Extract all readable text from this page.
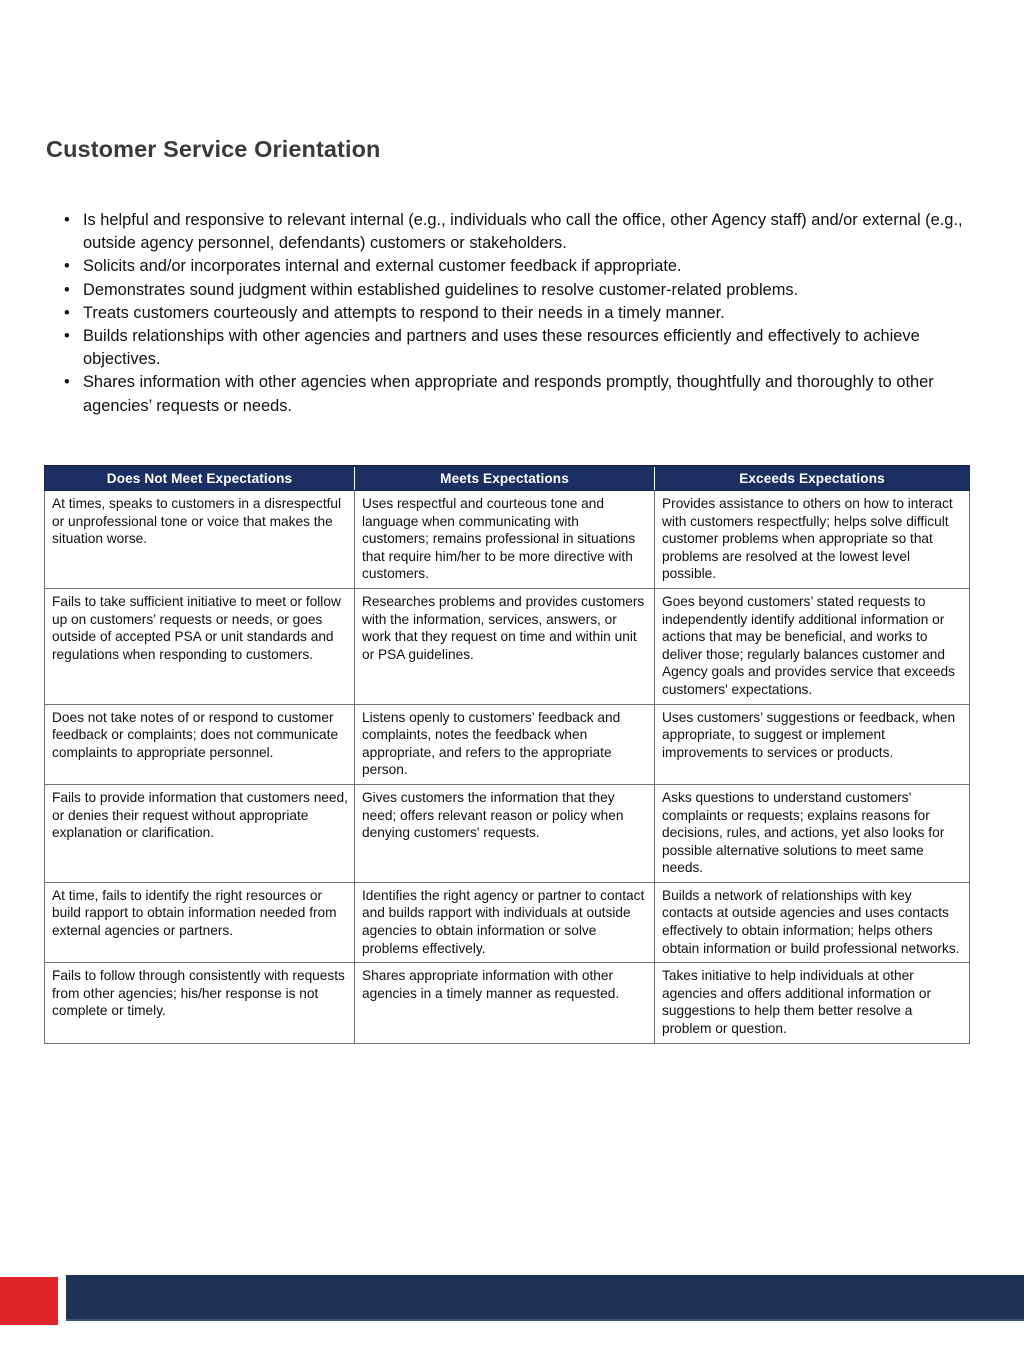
Customer Service Orientation
• Is helpful and responsive to relevant internal (e.g., individuals who call the office, other Agency staff) and/or external (e.g., outside agency personnel, defendants) customers or stakeholders.
• Solicits and/or incorporates internal and external customer feedback if appropriate.
• Demonstrates sound judgment within established guidelines to resolve customer-related problems.
• Treats customers courteously and attempts to respond to their needs in a timely manner.
• Builds relationships with other agencies and partners and uses these resources efficiently and effectively to achieve objectives.
• Shares information with other agencies when appropriate and responds promptly, thoughtfully and thoroughly to other agencies’ requests or needs.
Does Not Meet Expectations	Meets Expectations	Exceeds Expectations
At times, speaks to customers in a disrespectful or unprofessional tone or voice that makes the situation worse.	Uses respectful and courteous tone and language when communicating with customers; remains professional in situations that require him/her to be more directive with customers.	Provides assistance to others on how to interact with customers respectfully; helps solve difficult customer problems when appropriate so that problems are resolved at the lowest level possible.
Fails to take sufficient initiative to meet or follow up on customers’ requests or needs, or goes outside of accepted PSA or unit standards and regulations when responding to customers.	Researches problems and provides customers with the information, services, answers, or work that they request on time and within unit or PSA guidelines.	Goes beyond customers’ stated requests to independently identify additional information or actions that may be beneficial, and works to deliver those; regularly balances customer and Agency goals and provides service that exceeds customers' expectations.
Does not take notes of or respond to customer feedback or complaints; does not communicate complaints to appropriate personnel.	Listens openly to customers’ feedback and complaints, notes the feedback when appropriate, and refers to the appropriate person.	Uses customers’ suggestions or feedback, when appropriate, to suggest or implement improvements to services or products.
Fails to provide information that customers need, or denies their request without appropriate explanation or clarification.	Gives customers the information that they need; offers relevant reason or policy when denying customers' requests.	Asks questions to understand customers’ complaints or requests; explains reasons for decisions, rules, and actions, yet also looks for possible alternative solutions to meet same needs.
At time, fails to identify the right resources or build rapport to obtain information needed from external agencies or partners.	Identifies the right agency or partner to contact and builds rapport with individuals at outside agencies to obtain information or solve problems effectively.	Builds a network of relationships with key contacts at outside agencies and uses contacts effectively to obtain information; helps others obtain information or build professional networks.
Fails to follow through consistently with requests from other agencies; his/her response is not complete or timely.	Shares appropriate information with other agencies in a timely manner as requested.	Takes initiative to help individuals at other agencies and offers additional information or suggestions to help them better resolve a problem or question.
